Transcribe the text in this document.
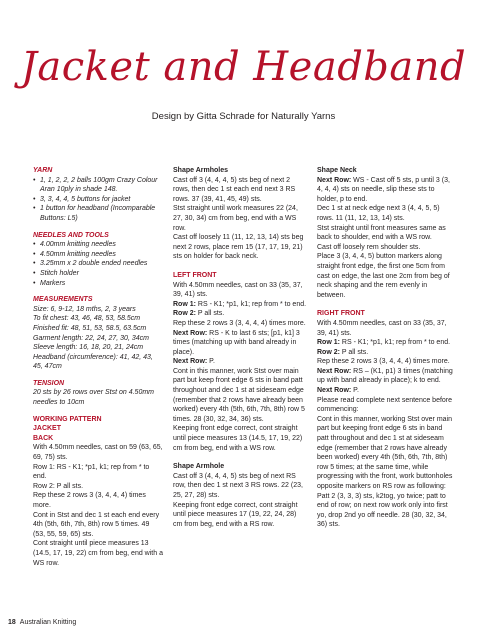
Jacket and Headband
Design by Gitta Schrade for Naturally Yarns
YARN
• 1, 1, 2, 2, 2 balls 100gm Crazy Colour Aran 10ply in shade 148.
• 3, 3, 4, 4, 5 buttons for jacket
• 1 button for headband (Incomparable Buttons: L5)
NEEDLES AND TOOLS
• 4.00mm knitting needles
• 4.50mm knitting needles
• 3.25mm x 2 double ended needles
• Stitch holder
• Markers
MEASUREMENTS
Size: 6, 9-12, 18 mths, 2, 3 years
To fit chest: 43, 46, 48, 53, 58.5cm
Finished fit: 48, 51, 53, 58.5, 63.5cm
Garment length: 22, 24, 27, 30, 34cm
Sleeve length: 16, 18, 20, 21, 24cm
Headband (circumference): 41, 42, 43, 45, 47cm
TENSION
20 sts by 26 rows over Stst on 4.50mm needles to 10cm
WORKING PATTERN
JACKET
BACK
With 4.50mm needles, cast on 59 (63, 65, 69, 75) sts.
Row 1: RS - K1; *p1, k1; rep from * to end.
Row 2: P all sts.
Rep these 2 rows 3 (3, 4, 4, 4) times more.
Cont in Stst and dec 1 st each end every 4th (5th, 6th, 7th, 8th) row 5 times. 49 (53, 55, 59, 65) sts.
Cont straight until piece measures 13 (14.5, 17, 19, 22) cm from beg, end with a WS row.
Shape Armholes
Cast off 3 (4, 4, 4, 5) sts beg of next 2 rows, then dec 1 st each end next 3 RS rows. 37 (39, 41, 45, 49) sts.
Stst straight until work measures 22 (24, 27, 30, 34) cm from beg, end with a WS row.
Cast off loosely 11 (11, 12, 13, 14) sts beg next 2 rows, place rem 15 (17, 17, 19, 21) sts on holder for back neck.
LEFT FRONT
With 4.50mm needles, cast on 33 (35, 37, 39, 41) sts.
Row 1: RS - K1; *p1, k1; rep from * to end.
Row 2: P all sts.
Rep these 2 rows 3 (3, 4, 4, 4) times more.
Next Row: RS - K to last 6 sts; [p1, k1] 3 times (matching up with band already in place).
Next Row: P.
Cont in this manner, work Stst over main part but keep front edge 6 sts in band patt throughout and dec 1 st at sideseam edge (remember that 2 rows have already been worked) every 4th (5th, 6th, 7th, 8th) row 5 times. 28 (30, 32, 34, 36) sts.
Keeping front edge correct, cont straight until piece measures 13 (14.5, 17, 19, 22) cm from beg, end with a WS row.
Shape Armhole
Cast off 3 (4, 4, 4, 5) sts beg of next RS row, then dec 1 st next 3 RS rows. 22 (23, 25, 27, 28) sts.
Keeping front edge correct, cont straight until piece measures 17 (19, 22, 24, 28) cm from beg, end with a RS row.
Shape Neck
Next Row: WS - Cast off 5 sts, p until 3 (3, 4, 4, 4) sts on needle, slip these sts to holder, p to end.
Dec 1 st at neck edge next 3 (4, 4, 5, 5) rows. 11 (11, 12, 13, 14) sts.
Stst straight until front measures same as back to shoulder, end with a WS row.
Cast off loosely rem shoulder sts.
Place 3 (3, 4, 4, 5) button markers along straight front edge, the first one 5cm from cast on edge, the last one 2cm from beg of neck shaping and the rem evenly in between.
RIGHT FRONT
With 4.50mm needles, cast on 33 (35, 37, 39, 41) sts.
Row 1: RS - K1; *p1, k1; rep from * to end.
Row 2: P all sts.
Rep these 2 rows 3 (3, 4, 4, 4) times more.
Next Row: RS – (K1, p1) 3 times (matching up with band already in place); k to end.
Next Row: P.
Please read complete next sentence before commencing:
Cont in this manner, working Stst over main part but keeping front edge 6 sts in band patt throughout and dec 1 st at sideseam edge (remember that 2 rows have already been worked) every 4th (5th, 6th, 7th, 8th) row 5 times; at the same time, while progressing with the front, work buttonholes opposite markers on RS row as following: Patt 2 (3, 3, 3) sts, k2tog, yo twice; patt to end of row; on next row work only into first yo, drop 2nd yo off needle. 28 (30, 32, 34, 36) sts.
18 Australian Knitting
